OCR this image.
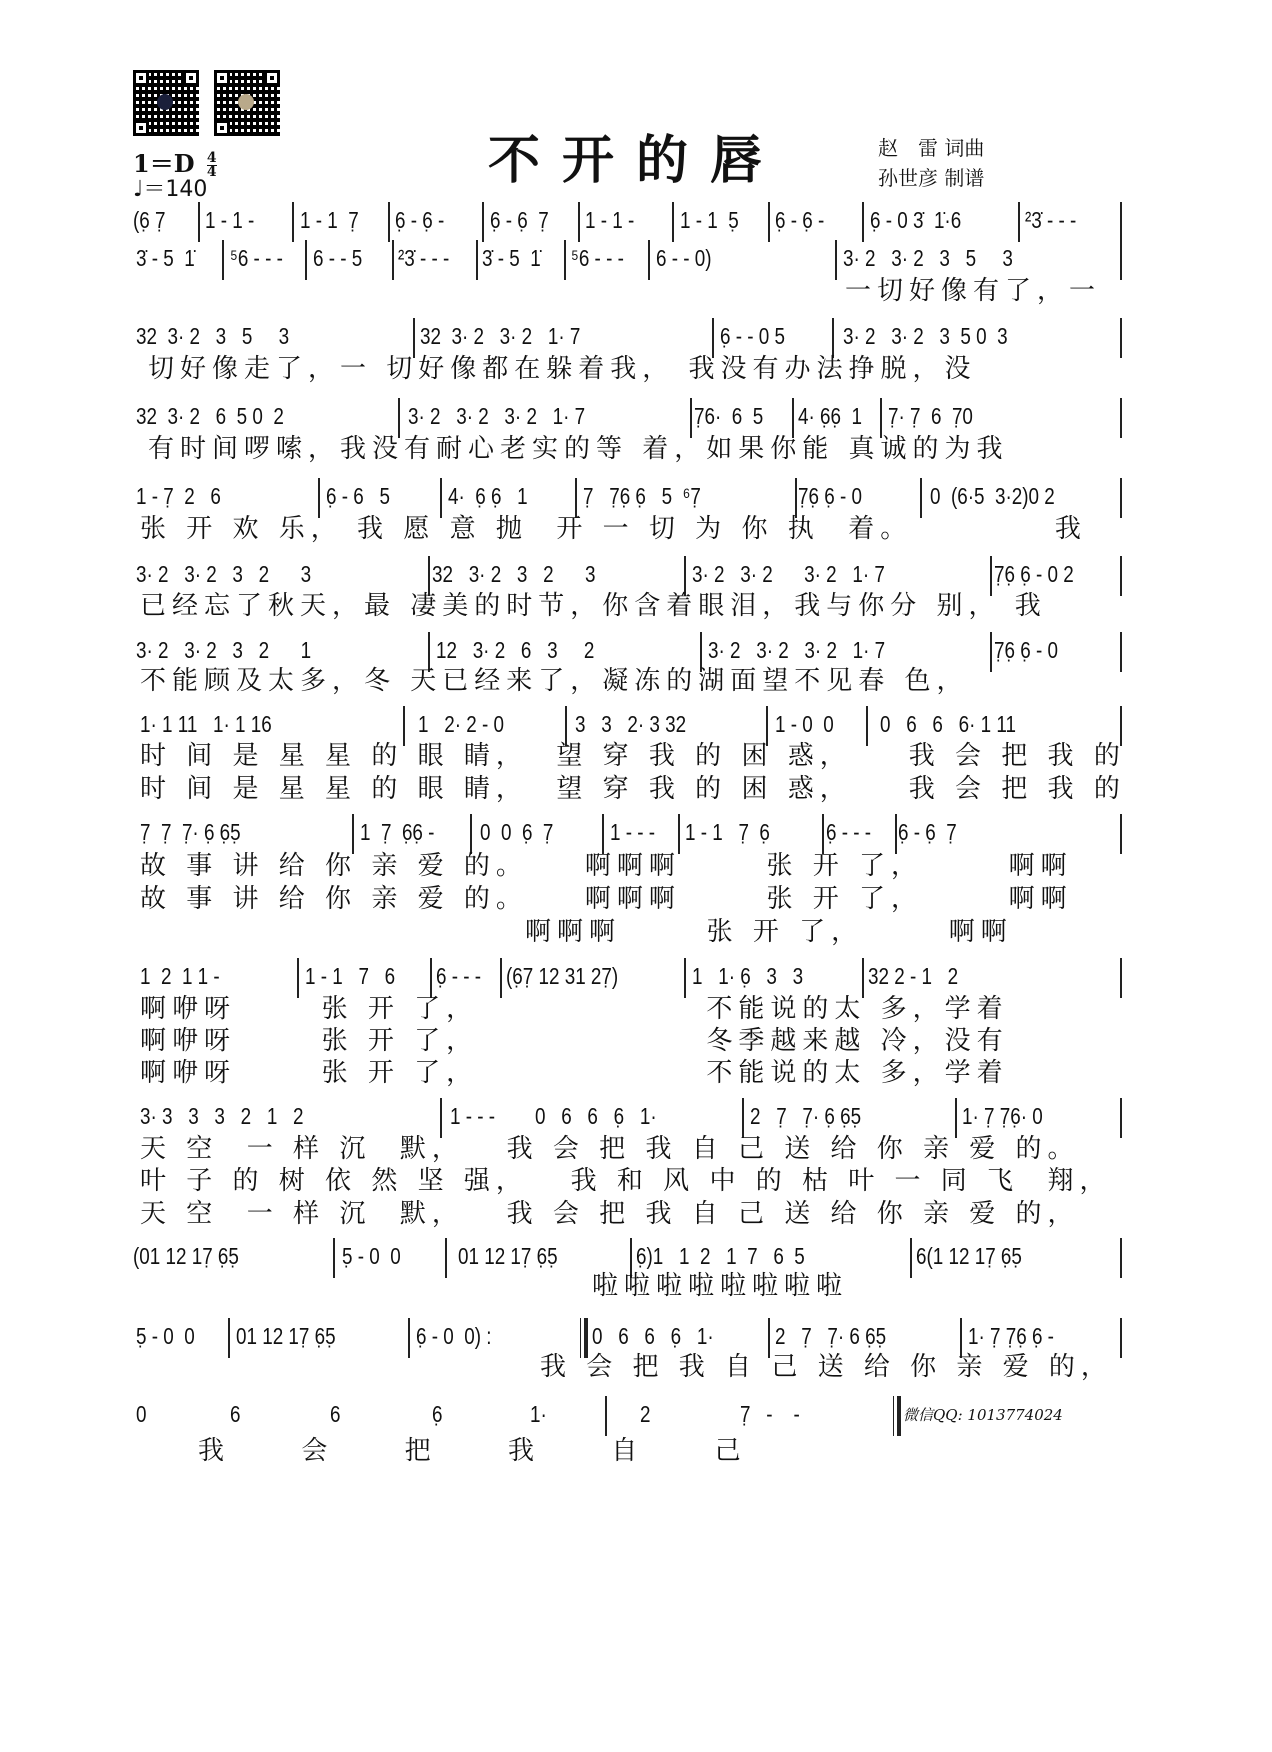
不开的唇	赵　雷 词曲
孙世彦 制谱
$1=D \frac{4}{4}$
♩＝140
(6̣ 7̣ 1 - 1 - 1 - 1  7̣ 6̣ - 6̣ - 6̣ - 6̣  7̣ 1 - 1 - 1 - 1  5̣ 6̣ - 6̣ - 6̣ - 0 3̇  1̇·6	²3̇ - - -
3̇ - 5  1̇ ⁵6 - - - 6 - - 5 ²3̇ - - - 3̇ - 5  1̇ ⁵6 - - - 6 - - 0)	3· 2   3· 2   3   5     3
32  3· 2   3   5     3	32  3· 2   3· 2   1· 7	6̣ - - 0 5	3· 2   3· 2   3  5 0  3
32  3· 2   6  5 0  2	3· 2   3· 2   3· 2   1· 7	7̣6·  6  5 4· 6̣6̣  1 7̣· 7̣  6  7̣0
1 - 7̣  2   6	6̣ - 6   5	4·  6̣ 6̣   1 7̣   7̣6̣ 6̣   5  ⁶7̣	7̣6̣ 6̣ - 0	0  (6·5  3·2)0 2
3· 2   3· 2   3   2      3	32   3· 2   3   2      3	3· 2   3· 2      3· 2   1· 7	7̣6̣ 6̣ - 0 2
3· 2   3· 2   3   2      1	12   3· 2   6   3     2	3· 2   3· 2   3· 2   1· 7	7̣6̣ 6̣ - 0
1· 1 11   1· 1 16	1   2· 2 - 0	3   3   2· 3 32	1 - 0  0 0   6   6   6· 1 11
7̣  7̣  7̣· 6̣ 6̣5̣	1  7̣  6̣6̣ - 0  0  6̣  7̣ 1 - - - 1 - 1   7̣  6̣ 6̣ - - - 6̣ - 6̣  7̣
1  2  1 1 -	1 - 1   7   6 6̣ - - - (6̣7̣ 12 31 27̣)	1   1· 6̣   3   3	32 2 - 1   2
3· 3   3   3   2   1   2	1 - - - 0   6   6   6̣   1·	2   7̣   7̣· 6̣ 6̣5̣	1· 7̣ 7̣6̣· 0
(01 12 17̣ 6̣5̣	5̣ - 0  0 01 12 17̣ 6̣5̣	6̣)1   1  2   1  7   6  5	6(1 12 17̣ 6̣5̣
5̣ - 0  0 01 12 17̣ 6̣5̣	6̣ - 0  0) :	0   6   6   6̣   1·	2   7̣   7̣· 6 6̣5̣	1· 7̣ 7̣6̣ 6̣ -
0	6	6	6̣	1·	2	7̣   -    -
一切好像有了，一
切好像走了，一 切好像都在躲着我， 我没有办法挣脱，没
有时间啰嗦，我没有耐心老实的等 着，如果你能 真诚的为我
张 开 欢 乐， 我 愿 意 抛  开 一 切 为 你 执  着。          我
已经忘了秋天，最 凄美的时节，你含着眼泪，我与你分 别， 我
不能顾及太多，冬 天已经来了，凝冻的湖面望不见春 色，
时 间 是 星 星 的 眼 睛，  望 穿 我 的 困 惑，    我 会 把 我 的
时 间 是 星 星 的 眼 睛，  望 穿 我 的 困 惑，    我 会 把 我 的
故 事 讲 给 你 亲 爱 的。    啊啊啊      张 开 了，      啊啊
故 事 讲 给 你 亲 爱 的。    啊啊啊      张 开 了，      啊啊
啊啊啊      张 开 了，      啊啊
啊咿呀      张 开 了，                不能说的太 多，学着
啊咿呀      张 开 了，                冬季越来越 冷，没有
啊咿呀      张 开 了，                不能说的太 多，学着
天 空  一 样 沉  默，   我 会 把 我 自 己 送 给 你 亲 爱 的。
叶 子 的 树 依 然 坚 强，   我 和 风 中 的 枯 叶 一 同 飞  翔，
天 空  一 样 沉  默，   我 会 把 我 自 己 送 给 你 亲 爱 的，
啦啦啦啦啦啦啦啦
我 会 把 我 自 己 送 给 你 亲 爱 的，
我     会     把     我     自     己
微信QQ: 1013774024
